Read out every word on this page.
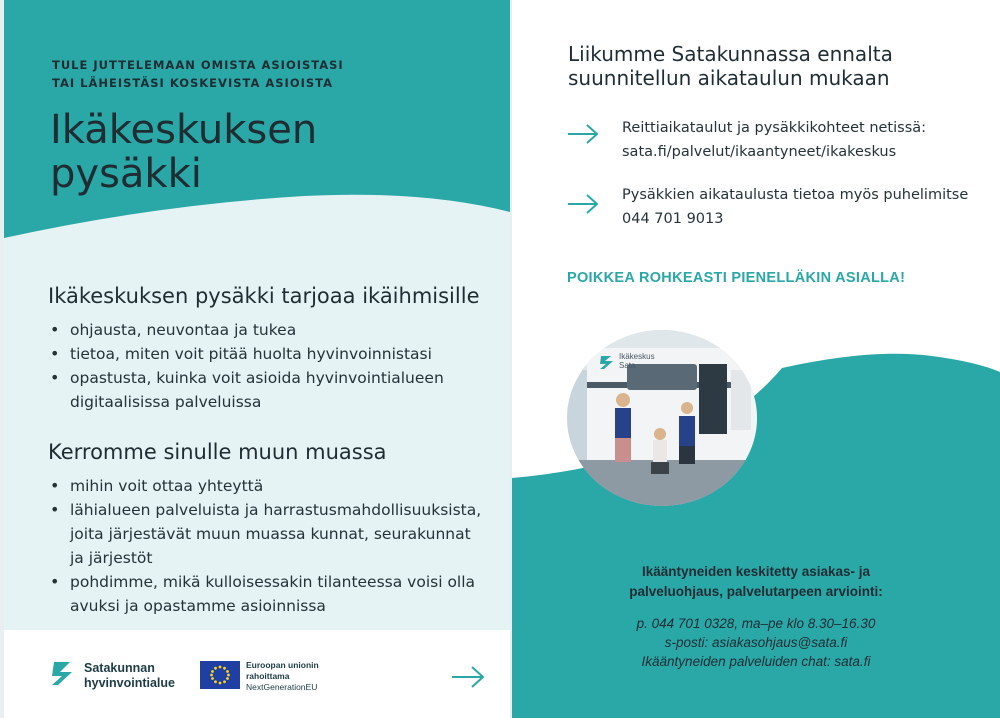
TULE JUTTELEMAAN OMISTA ASIOISTASI
TAI LÄHEISTÄSI KOSKEVISTA ASIOISTA
Ikäkeskuksen
pysäkki
Ikäkeskuksen pysäkki tarjoaa ikäihmisille
• ohjausta, neuvontaa ja tukea
• tietoa, miten voit pitää huolta hyvinvoinnistasi
• opastusta, kuinka voit asioida hyvinvointialueen digitaalisissa palveluissa
Kerromme sinulle muun muassa
• mihin voit ottaa yhteyttä
• lähialueen palveluista ja harrastusmahdollisuuksista, joita järjestävät muun muassa kunnat, seurakunnat ja järjestöt
• pohdimme, mikä kulloisessakin tilanteessa voisi olla avuksi ja opastamme asioinnissa
Satakunnan
hyvinvointialue
Euroopan unionin
rahoittama
NextGenerationEU
Liikumme Satakunnassa ennalta
suunnitellun aikataulun mukaan
Reittiaikataulut ja pysäkkikohteet netissä:
sata.fi/palvelut/ikaantyneet/ikakeskus
Pysäkkien aikataulusta tietoa myös puhelimitse
044 701 9013
POIKKEA ROHKEASTI PIENELLÄKIN ASIALLA!
Ikääntyneiden keskitetty asiakas- ja
palveluohjaus, palvelutarpeen arviointi:
p. 044 701 0328, ma–pe klo 8.30–16.30
s-posti: asiakasohjaus@sata.fi
Ikääntyneiden palveluiden chat: sata.fi
Ikäkeskus
Sata
